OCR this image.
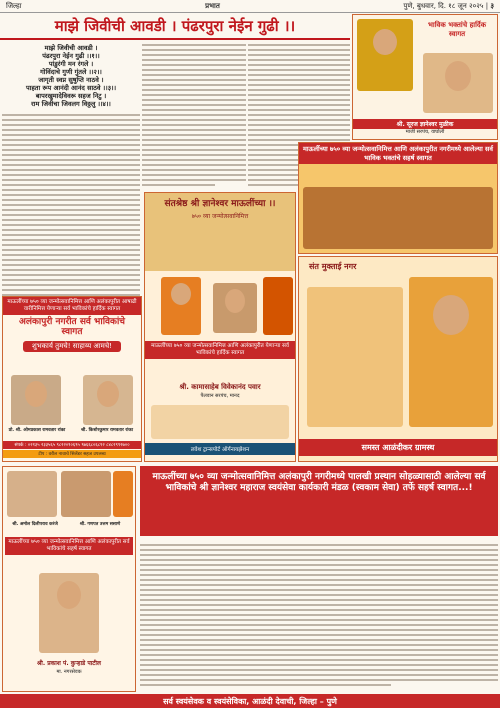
जिल्हा	प्रभात	पुणे, बुधवार, दि. १८ जून २०२५ | ३
माझे जिवीची आवडी । पंढरपुरा नेईन गुढी ।।
माझे जिवीची आवडी ।
पंढरपुरा नेईन गुढी ।।१।।
पांडुरंगी मन रंगले ।
गोविंदाचे गुणी गुंतले ।।२।।
जागृती स्वप्न सुषुप्ति नाठवे ।
पाहता रूप आनंदी आनंद साठवे ।।३।।
बापरखुमादेविवरू सहज निटु ।
राम जिवीचा जिवलग विठ्ठलु ।।४।।
माऊलींच्या ७५० व्या जन्मोत्सवानिमित्त आणि अलंकापुरीत आषाढी वारीनिमित्त येणाऱ्या सर्व भाविकांचे हार्दिक स्वागत
अलंकापुरी नगरीत सर्व भाविकांचे स्वागत
शुभकार्य तुमचे! साहाय्य आमचे!
प्रो. श्री. ओमप्रकाश रामवतार रांका	श्री. किशोरकुमार रामवतार रांका
संपर्क : ०२१३५ २३३५६५ ९८२२०९०६९५ ९७६६८०६८९२ ८४८२९९२७००
टीप : वरील नावाचे सिलेंडर सहज उपलब्ध
संतश्रेष्ठ श्री ज्ञानेश्वर माऊलींच्या ।।
७५० व्या जन्मोत्सवानिमित्त
माऊलींच्या ७५० व्या जन्मोत्सवानिमित्त आणि अलंकापुरीत येणाऱ्या सर्व भाविकांचे हार्दिक स्वागत
श्री. कामासाहेब विवेकानंद पवार
पैलवान सरपंच, मानद
लवेश ट्रान्सपोर्ट ऑर्गनायझेशन
भाविक भक्तांचे हार्दिक स्वागत
श्री. सूरज ज्ञानेश्वर मुळीक
माजी सरपंच, वाघोली
माऊलींच्या ७५० व्या जन्मोत्सवानिमित्त आणि अलंकापुरीत नगरीमध्ये आलेल्या सर्व भाविक भक्तांचे सहर्ष स्वागत
संत मुक्ताई नगर
समस्त आळंदीकर ग्रामस्थ
श्री. अमोल दिलीपराव करंजे	श्री. गणपत उत्तम ससाणे
माऊलींच्या ७५० व्या जन्मोत्सवानिमित्त आणि अलंकापुरीत सर्व भाविकांचे सहर्ष स्वागत
श्री. प्रकाश पं. कुऱ्हाडे पाटील
मा. नगरसेवक
माऊलींच्या ७५० व्या जन्मोत्सवानिमित्त अलंकापुरी नगरीमध्ये पालखी प्रस्थान सोहळ्यासाठी आलेल्या सर्व भाविकांचे श्री ज्ञानेश्वर महाराज स्वयंसेवा कार्यकारी मंडळ (स्वकाम सेवा) तर्फे सहर्ष स्वागत...!
सर्व स्वयंसेवक व स्वयंसेविका, आळंदी देवाची, जिल्हा – पुणे
